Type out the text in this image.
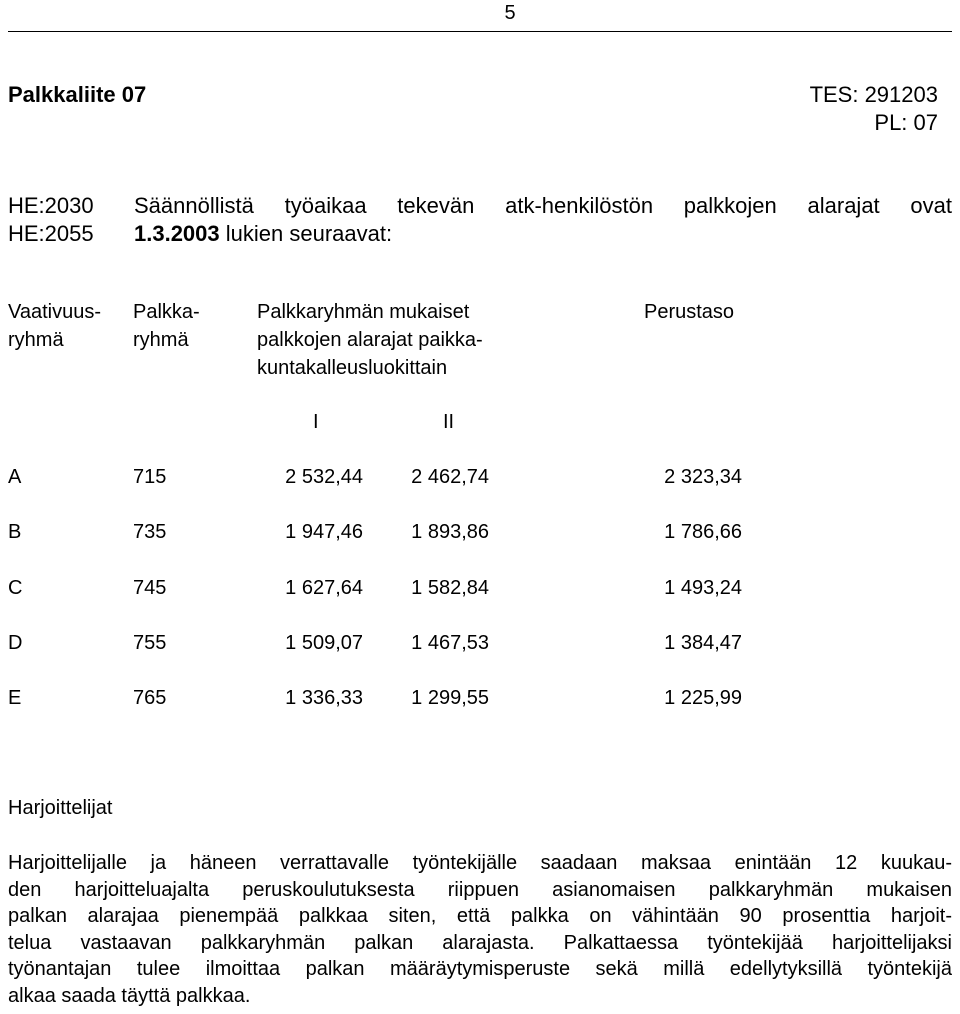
5
Palkkaliite 07	TES: 291203
PL: 07
HE:2030
HE:2055
Säännöllistä työaikaa tekevän atk-henkilöstön palkkojen alarajat ovat
1.3.2003 lukien seuraavat:
Vaativuus-
ryhmä
Palkka-
ryhmä
Palkkaryhmän mukaiset
palkkojen alarajat paikka-
kuntakalleusluokittain
Perustaso
I	II
A	715	2 532,44	2 462,74	2 323,34
B	735	1 947,46	1 893,86	1 786,66
C	745	1 627,64	1 582,84	1 493,24
D	755	1 509,07	1 467,53	1 384,47
E	765	1 336,33	1 299,55	1 225,99
Harjoittelijat
Harjoittelijalle ja häneen verrattavalle työntekijälle saadaan maksaa enintään 12 kuukau-
den harjoitteluajalta peruskoulutuksesta riippuen asianomaisen palkkaryhmän mukaisen
palkan alarajaa pienempää palkkaa siten, että palkka on vähintään 90 prosenttia harjoit-
telua vastaavan palkkaryhmän palkan alarajasta. Palkattaessa työntekijää harjoittelijaksi
työnantajan tulee ilmoittaa palkan määräytymisperuste sekä millä edellytyksillä työntekijä
alkaa saada täyttä palkkaa.
